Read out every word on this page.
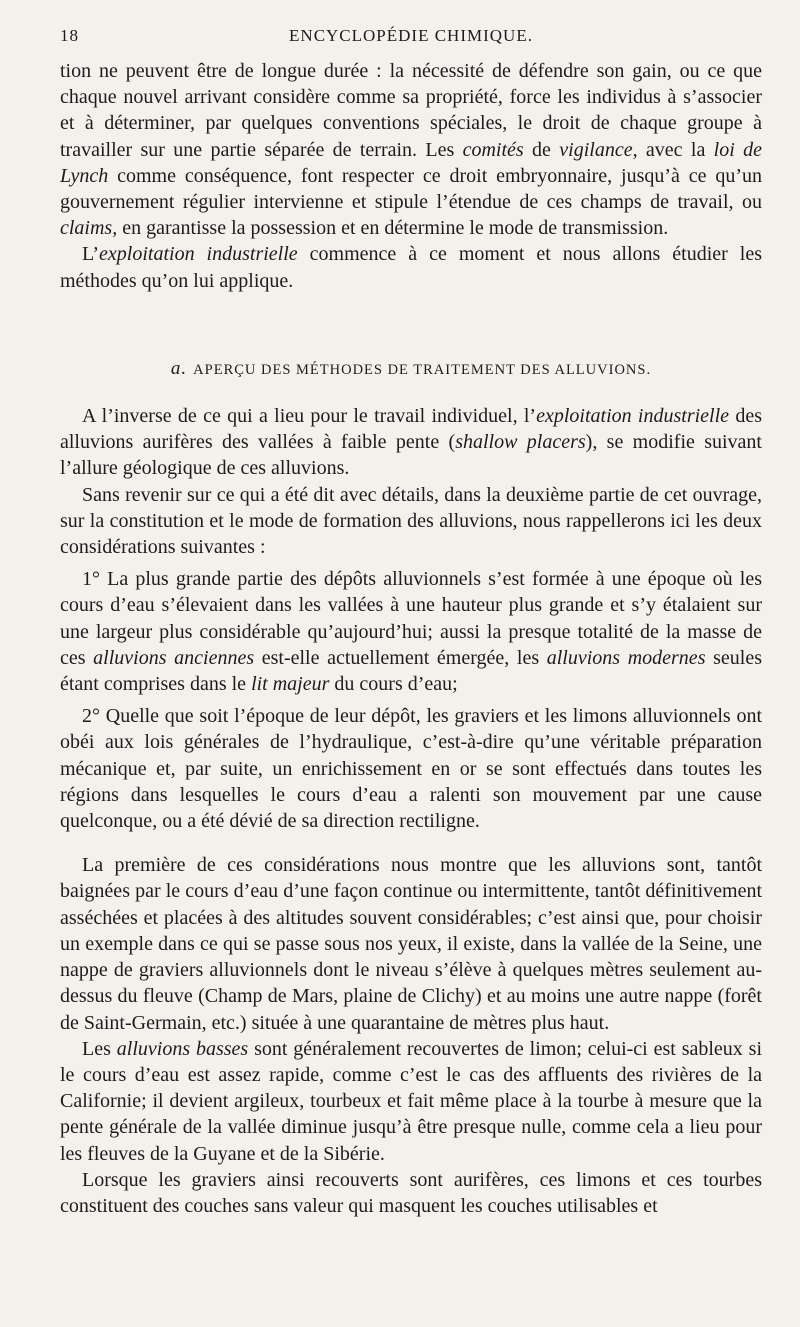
18	ENCYCLOPÉDIE CHIMIQUE.

tion ne peuvent être de longue durée : la nécessité de défendre son gain, ou ce que chaque nouvel arrivant considère comme sa propriété, force les individus à s’associer et à déterminer, par quelques conventions spéciales, le droit de chaque groupe à travailler sur une partie séparée de terrain. Les comités de vigilance, avec la loi de Lynch comme conséquence, font respecter ce droit embryonnaire, jusqu’à ce qu’un gouvernement régulier intervienne et stipule l’étendue de ces champs de travail, ou claims, en garantisse la possession et en détermine le mode de transmission.

L’exploitation industrielle commence à ce moment et nous allons étudier les méthodes qu’on lui applique.

a. APERÇU DES MÉTHODES DE TRAITEMENT DES ALLUVIONS.

A l’inverse de ce qui a lieu pour le travail individuel, l’exploitation industrielle des alluvions aurifères des vallées à faible pente (shallow placers), se modifie suivant l’allure géologique de ces alluvions.

Sans revenir sur ce qui a été dit avec détails, dans la deuxième partie de cet ouvrage, sur la constitution et le mode de formation des alluvions, nous rappellerons ici les deux considérations suivantes :

1° La plus grande partie des dépôts alluvionnels s’est formée à une époque où les cours d’eau s’élevaient dans les vallées à une hauteur plus grande et s’y étalaient sur une largeur plus considérable qu’aujourd’hui; aussi la presque totalité de la masse de ces alluvions anciennes est-elle actuellement émergée, les alluvions modernes seules étant comprises dans le lit majeur du cours d’eau;

2° Quelle que soit l’époque de leur dépôt, les graviers et les limons alluvionnels ont obéi aux lois générales de l’hydraulique, c’est-à-dire qu’une véritable préparation mécanique et, par suite, un enrichissement en or se sont effectués dans toutes les régions dans lesquelles le cours d’eau a ralenti son mouvement par une cause quelconque, ou a été dévié de sa direction rectiligne.

La première de ces considérations nous montre que les alluvions sont, tantôt baignées par le cours d’eau d’une façon continue ou intermittente, tantôt définitivement asséchées et placées à des altitudes souvent considérables; c’est ainsi que, pour choisir un exemple dans ce qui se passe sous nos yeux, il existe, dans la vallée de la Seine, une nappe de graviers alluvionnels dont le niveau s’élève à quelques mètres seulement au-dessus du fleuve (Champ de Mars, plaine de Clichy) et au moins une autre nappe (forêt de Saint-Germain, etc.) située à une quarantaine de mètres plus haut.

Les alluvions basses sont généralement recouvertes de limon; celui-ci est sableux si le cours d’eau est assez rapide, comme c’est le cas des affluents des rivières de la Californie; il devient argileux, tourbeux et fait même place à la tourbe à mesure que la pente générale de la vallée diminue jusqu’à être presque nulle, comme cela a lieu pour les fleuves de la Guyane et de la Sibérie.

Lorsque les graviers ainsi recouverts sont aurifères, ces limons et ces tourbes constituent des couches sans valeur qui masquent les couches utilisables et
